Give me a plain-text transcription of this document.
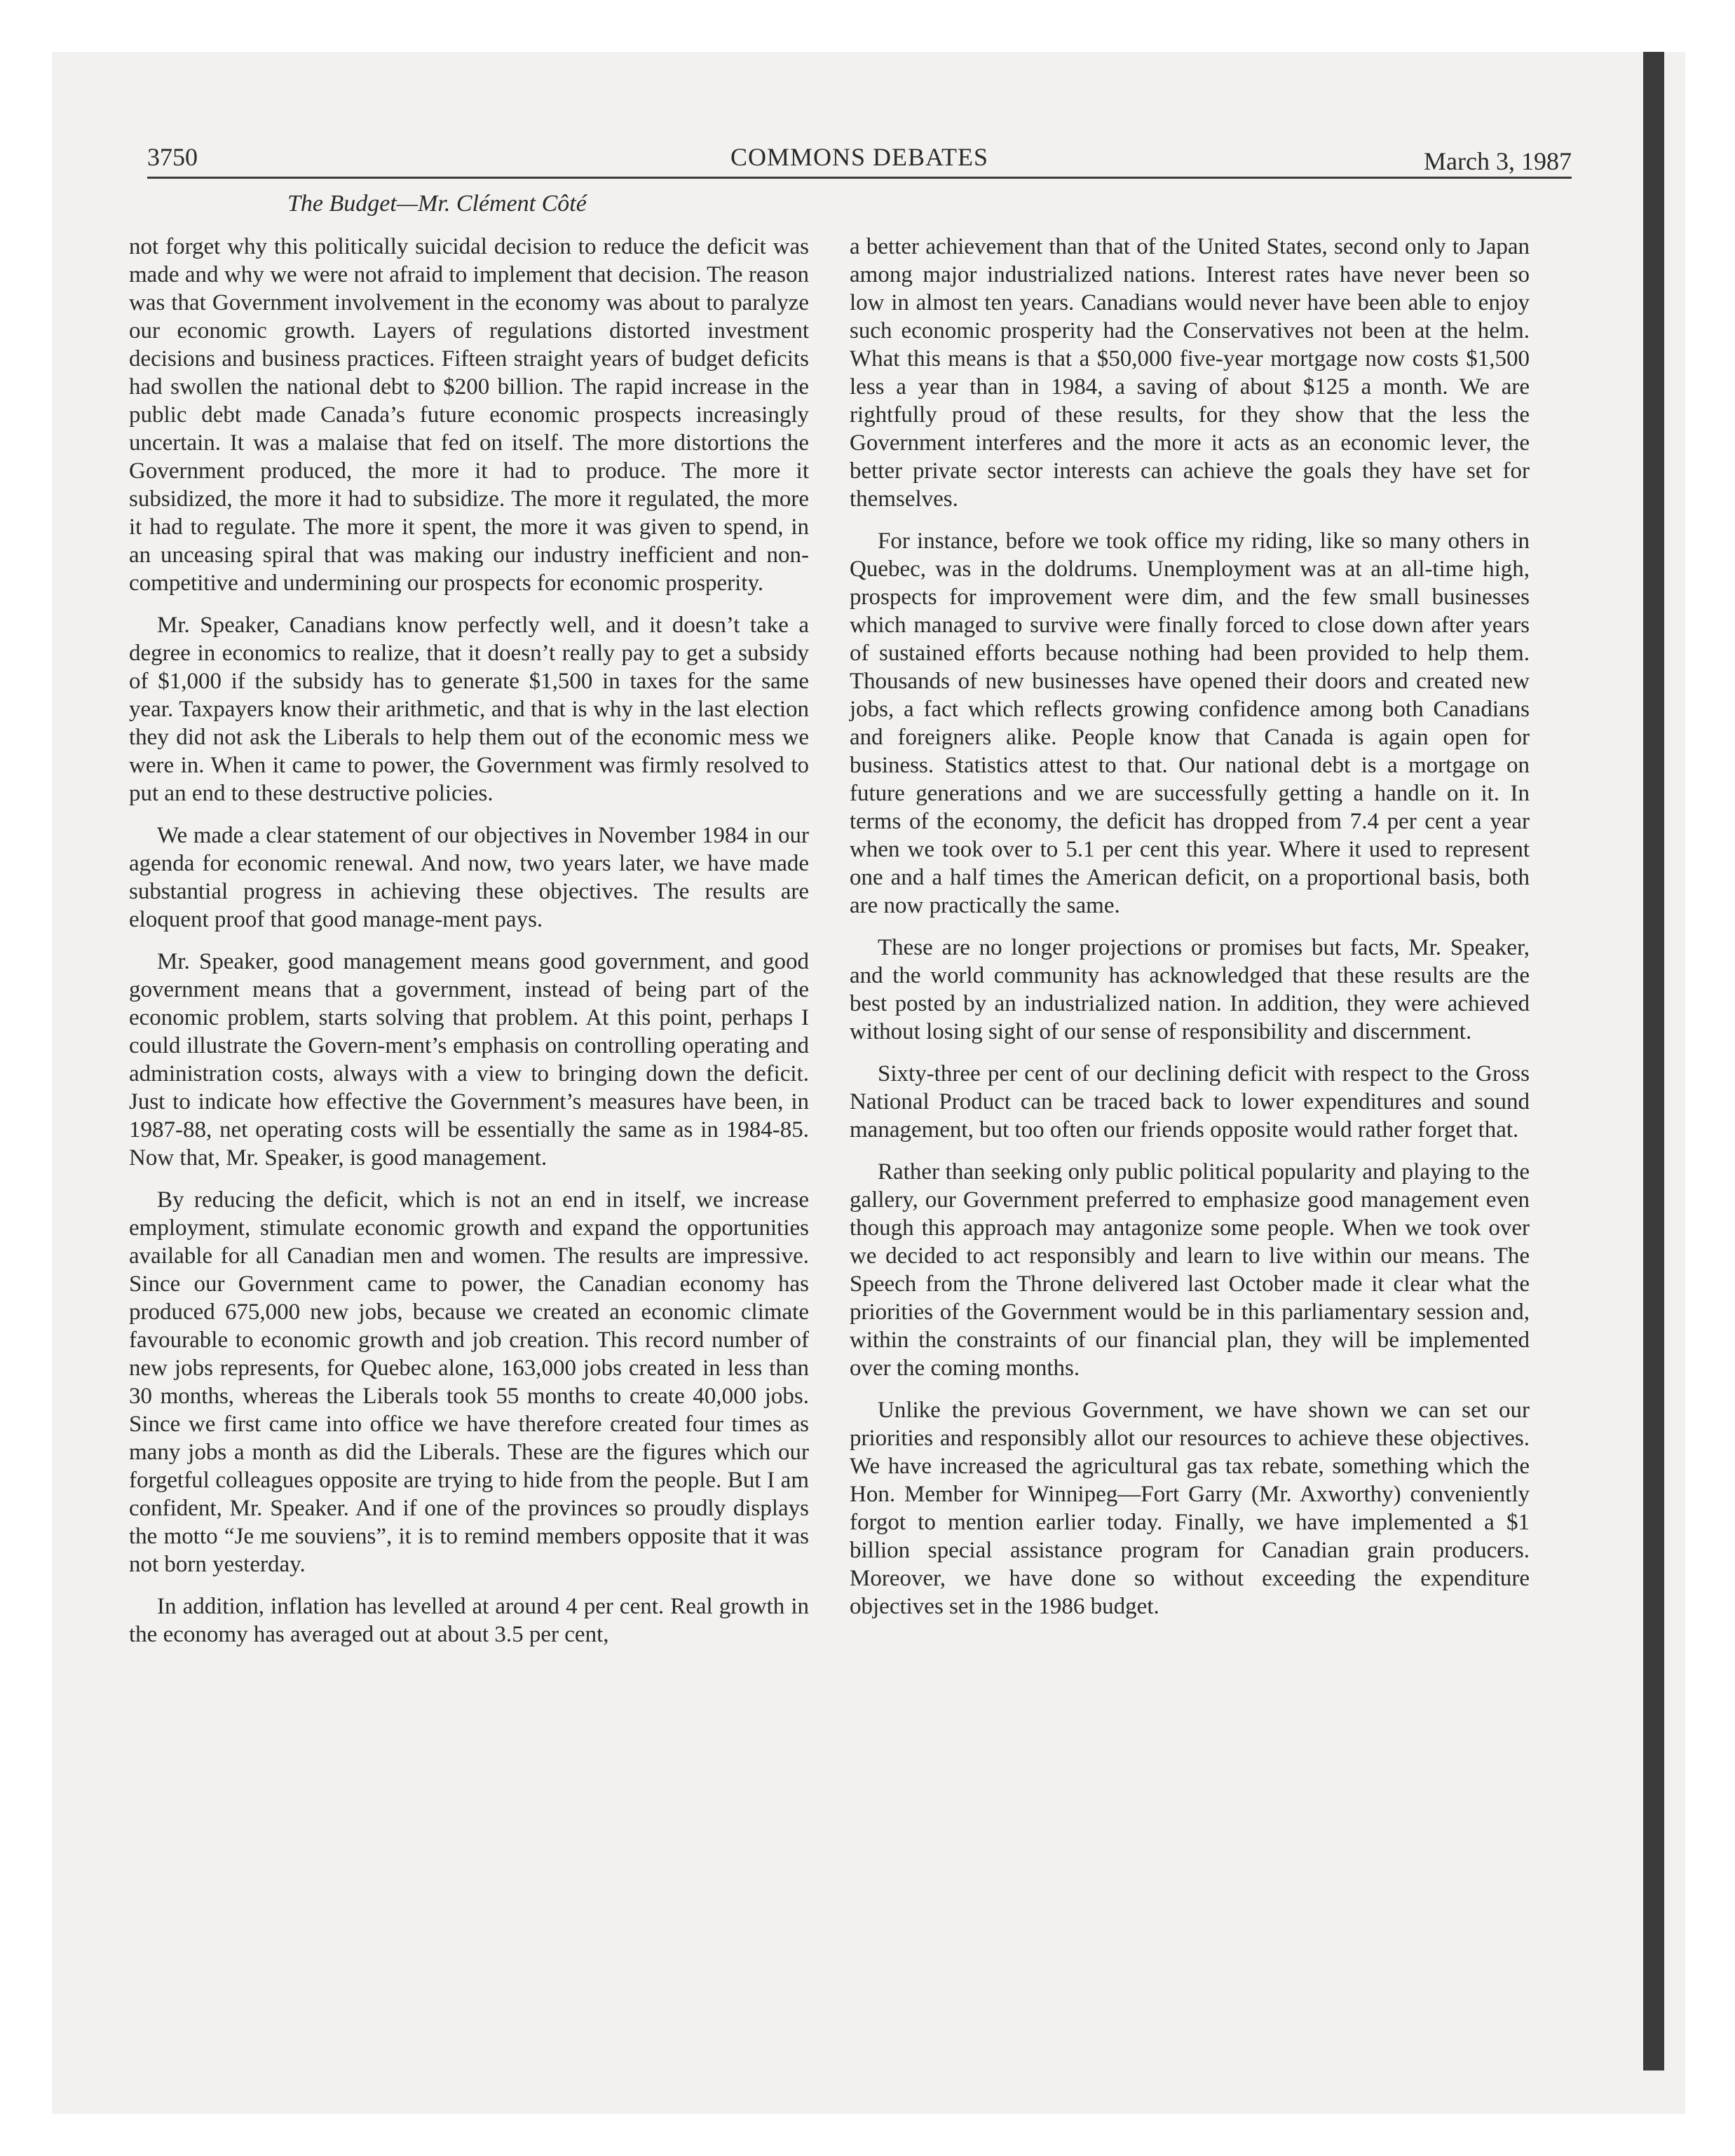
3750	COMMONS DEBATES	March 3, 1987
The Budget—Mr. Clément Côté

not forget why this politically suicidal decision to reduce the deficit was made and why we were not afraid to implement that decision. The reason was that Government involvement in the economy was about to paralyze our economic growth. Layers of regulations distorted investment decisions and business practices. Fifteen straight years of budget deficits had swollen the national debt to $200 billion. The rapid increase in the public debt made Canada’s future economic prospects increasingly uncertain. It was a malaise that fed on itself. The more distortions the Government produced, the more it had to produce. The more it subsidized, the more it had to subsidize. The more it regulated, the more it had to regulate. The more it spent, the more it was given to spend, in an unceasing spiral that was making our industry inefficient and non-competitive and undermining our prospects for economic prosperity.

Mr. Speaker, Canadians know perfectly well, and it doesn’t take a degree in economics to realize, that it doesn’t really pay to get a subsidy of $1,000 if the subsidy has to generate $1,500 in taxes for the same year. Taxpayers know their arithmetic, and that is why in the last election they did not ask the Liberals to help them out of the economic mess we were in. When it came to power, the Government was firmly resolved to put an end to these destructive policies.

We made a clear statement of our objectives in November 1984 in our agenda for economic renewal. And now, two years later, we have made substantial progress in achieving these objectives. The results are eloquent proof that good manage-ment pays.

Mr. Speaker, good management means good government, and good government means that a government, instead of being part of the economic problem, starts solving that problem. At this point, perhaps I could illustrate the Govern-ment’s emphasis on controlling operating and administration costs, always with a view to bringing down the deficit. Just to indicate how effective the Government’s measures have been, in 1987-88, net operating costs will be essentially the same as in 1984-85. Now that, Mr. Speaker, is good management.

By reducing the deficit, which is not an end in itself, we increase employment, stimulate economic growth and expand the opportunities available for all Canadian men and women. The results are impressive. Since our Government came to power, the Canadian economy has produced 675,000 new jobs, because we created an economic climate favourable to economic growth and job creation. This record number of new jobs represents, for Quebec alone, 163,000 jobs created in less than 30 months, whereas the Liberals took 55 months to create 40,000 jobs. Since we first came into office we have therefore created four times as many jobs a month as did the Liberals. These are the figures which our forgetful colleagues opposite are trying to hide from the people. But I am confident, Mr. Speaker. And if one of the provinces so proudly displays the motto “Je me souviens”, it is to remind members opposite that it was not born yesterday.

In addition, inflation has levelled at around 4 per cent. Real growth in the economy has averaged out at about 3.5 per cent,

a better achievement than that of the United States, second only to Japan among major industrialized nations. Interest rates have never been so low in almost ten years. Canadians would never have been able to enjoy such economic prosperity had the Conservatives not been at the helm. What this means is that a $50,000 five-year mortgage now costs $1,500 less a year than in 1984, a saving of about $125 a month. We are rightfully proud of these results, for they show that the less the Government interferes and the more it acts as an economic lever, the better private sector interests can achieve the goals they have set for themselves.

For instance, before we took office my riding, like so many others in Quebec, was in the doldrums. Unemployment was at an all-time high, prospects for improvement were dim, and the few small businesses which managed to survive were finally forced to close down after years of sustained efforts because nothing had been provided to help them. Thousands of new businesses have opened their doors and created new jobs, a fact which reflects growing confidence among both Canadians and foreigners alike. People know that Canada is again open for business. Statistics attest to that. Our national debt is a mortgage on future generations and we are successfully getting a handle on it. In terms of the economy, the deficit has dropped from 7.4 per cent a year when we took over to 5.1 per cent this year. Where it used to represent one and a half times the American deficit, on a proportional basis, both are now practically the same.

These are no longer projections or promises but facts, Mr. Speaker, and the world community has acknowledged that these results are the best posted by an industrialized nation. In addition, they were achieved without losing sight of our sense of responsibility and discernment.

Sixty-three per cent of our declining deficit with respect to the Gross National Product can be traced back to lower expenditures and sound management, but too often our friends opposite would rather forget that.

Rather than seeking only public political popularity and playing to the gallery, our Government preferred to emphasize good management even though this approach may antagonize some people. When we took over we decided to act responsibly and learn to live within our means. The Speech from the Throne delivered last October made it clear what the priorities of the Government would be in this parliamentary session and, within the constraints of our financial plan, they will be implemented over the coming months.

Unlike the previous Government, we have shown we can set our priorities and responsibly allot our resources to achieve these objectives. We have increased the agricultural gas tax rebate, something which the Hon. Member for Winnipeg—Fort Garry (Mr. Axworthy) conveniently forgot to mention earlier today. Finally, we have implemented a $1 billion special assistance program for Canadian grain producers. Moreover, we have done so without exceeding the expenditure objectives set in the 1986 budget.
